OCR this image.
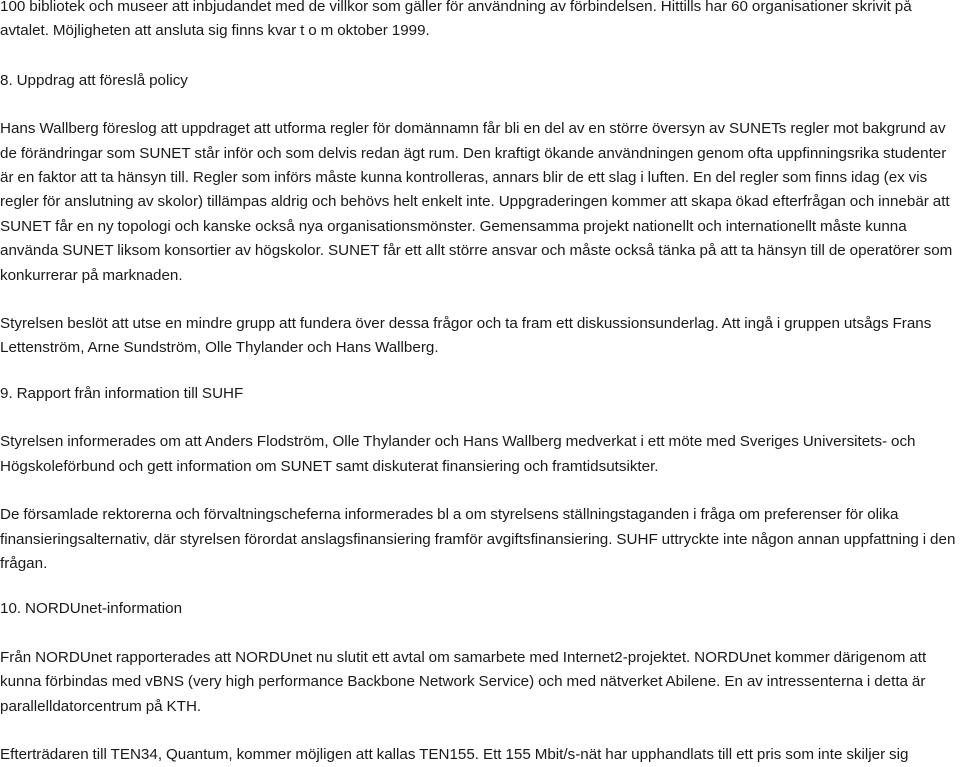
100 bibliotek och museer att inbjudandet med de villkor som gäller för användning av förbindelsen. Hittills har 60 organisationer skrivit på avtalet. Möjligheten att ansluta sig finns kvar t o m oktober 1999.

8. Uppdrag att föreslå policy

Hans Wallberg föreslog att uppdraget att utforma regler för domännamn får bli en del av en större översyn av SUNETs regler mot bakgrund av de förändringar som SUNET står inför och som delvis redan ägt rum. Den kraftigt ökande användningen genom ofta uppfinningsrika studenter är en faktor att ta hänsyn till. Regler som införs måste kunna kontrolleras, annars blir de ett slag i luften. En del regler som finns idag (ex vis regler för anslutning av skolor) tillämpas aldrig och behövs helt enkelt inte. Uppgraderingen kommer att skapa ökad efterfrågan och innebär att SUNET får en ny topologi och kanske också nya organisationsmönster. Gemensamma projekt nationellt och internationellt måste kunna använda SUNET liksom konsortier av högskolor. SUNET får ett allt större ansvar och måste också tänka på att ta hänsyn till de operatörer som konkurrerar på marknaden.

Styrelsen beslöt att utse en mindre grupp att fundera över dessa frågor och ta fram ett diskussionsunderlag. Att ingå i gruppen utsågs Frans Lettenström, Arne Sundström, Olle Thylander och Hans Wallberg.

9. Rapport från information till SUHF

Styrelsen informerades om att Anders Flodström, Olle Thylander och Hans Wallberg medverkat i ett möte med Sveriges Universitets- och Högskoleförbund och gett information om SUNET samt diskuterat finansiering och framtidsutsikter.

De församlade rektorerna och förvaltningscheferna informerades bl a om styrelsens ställningstaganden i fråga om preferenser för olika finansieringsalternativ, där styrelsen förordat anslagsfinansiering framför avgiftsfinansiering. SUHF uttryckte inte någon annan uppfattning i den frågan.

10. NORDUnet-information

Från NORDUnet rapporterades att NORDUnet nu slutit ett avtal om samarbete med Internet2-projektet. NORDUnet kommer därigenom att kunna förbindas med vBNS (very high performance Backbone Network Service) och med nätverket Abilene. En av intressenterna i detta är parallelldatorcentrum på KTH.

Efterträdaren till TEN34, Quantum, kommer möjligen att kallas TEN155. Ett 155 Mbit/s-nät har upphandlats till ett pris som inte skiljer sig
